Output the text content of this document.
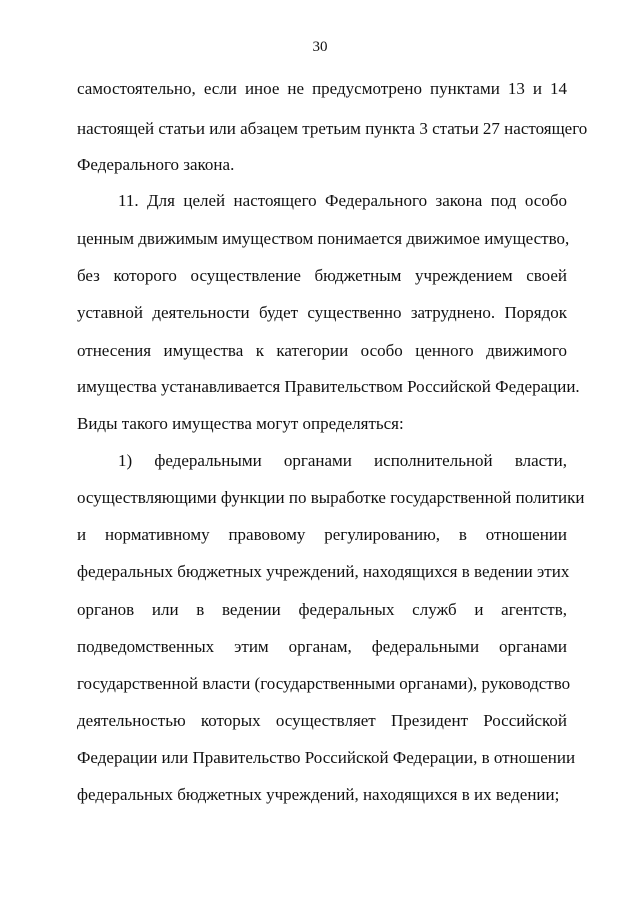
30
самостоятельно, если иное не предусмотрено пунктами 13 и 14
настоящей статьи или абзацем третьим пункта 3 статьи 27 настоящего
Федерального закона.
11. Для целей настоящего Федерального закона под особо
ценным движимым имуществом понимается движимое имущество,
без которого осуществление бюджетным учреждением своей
уставной деятельности будет существенно затруднено. Порядок
отнесения имущества к категории особо ценного движимого
имущества устанавливается Правительством Российской Федерации.
Виды такого имущества могут определяться:
1) федеральными органами исполнительной власти,
осуществляющими функции по выработке государственной политики
и нормативному правовому регулированию, в отношении
федеральных бюджетных учреждений, находящихся в ведении этих
органов или в ведении федеральных служб и агентств,
подведомственных этим органам, федеральными органами
государственной власти (государственными органами), руководство
деятельностью которых осуществляет Президент Российской
Федерации или Правительство Российской Федерации, в отношении
федеральных бюджетных учреждений, находящихся в их ведении;
